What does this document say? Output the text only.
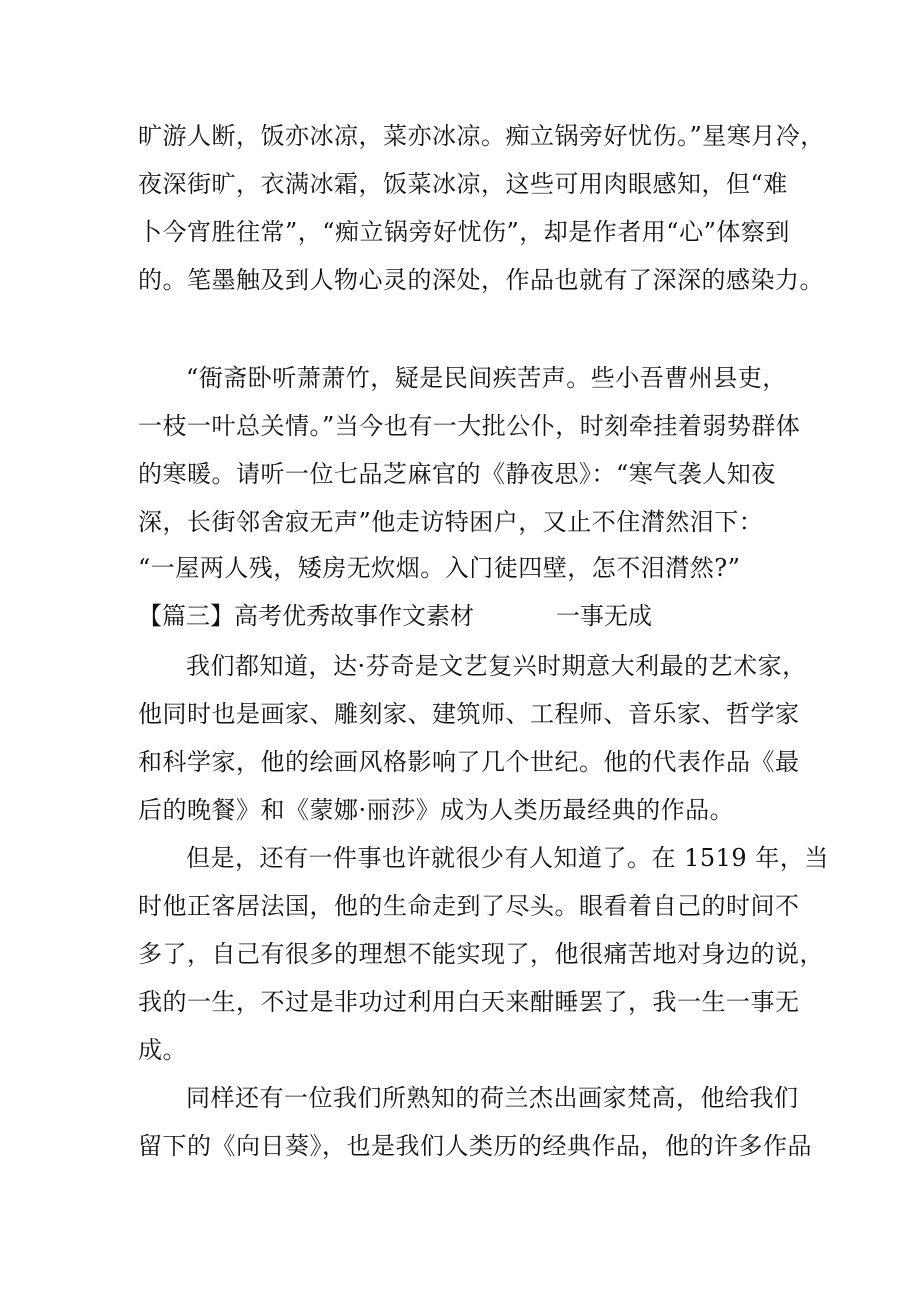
旷游人断，饭亦冰凉，菜亦冰凉。痴立锅旁好忧伤。”星寒月冷，
夜深街旷，衣满冰霜，饭菜冰凉，这些可用肉眼感知，但“难
卜今宵胜往常”，“痴立锅旁好忧伤”，却是作者用“心”体察到
的。笔墨触及到人物心灵的深处，作品也就有了深深的感染力。
“衙斋卧听萧萧竹，疑是民间疾苦声。些小吾曹州县吏，
一枝一叶总关情。”当今也有一大批公仆，时刻牵挂着弱势群体
的寒暖。请听一位七品芝麻官的《静夜思》：“寒气袭人知夜
深，长街邻舍寂无声”他走访特困户，又止不住潸然泪下：
“一屋两人残，矮房无炊烟。入门徒四壁，怎不泪潸然?”
【篇三】高考优秀故事作文素材	一事无成
我们都知道，达·芬奇是文艺复兴时期意大利最的艺术家，
他同时也是画家、雕刻家、建筑师、工程师、音乐家、哲学家
和科学家，他的绘画风格影响了几个世纪。他的代表作品《最
后的晚餐》和《蒙娜·丽莎》成为人类历最经典的作品。
但是，还有一件事也许就很少有人知道了。在 1519 年，当
时他正客居法国，他的生命走到了尽头。眼看着自己的时间不
多了，自己有很多的理想不能实现了，他很痛苦地对身边的说，
我的一生，不过是非功过利用白天来酣睡罢了，我一生一事无
成。
同样还有一位我们所熟知的荷兰杰出画家梵高，他给我们
留下的《向日葵》，也是我们人类历的经典作品，他的许多作品
